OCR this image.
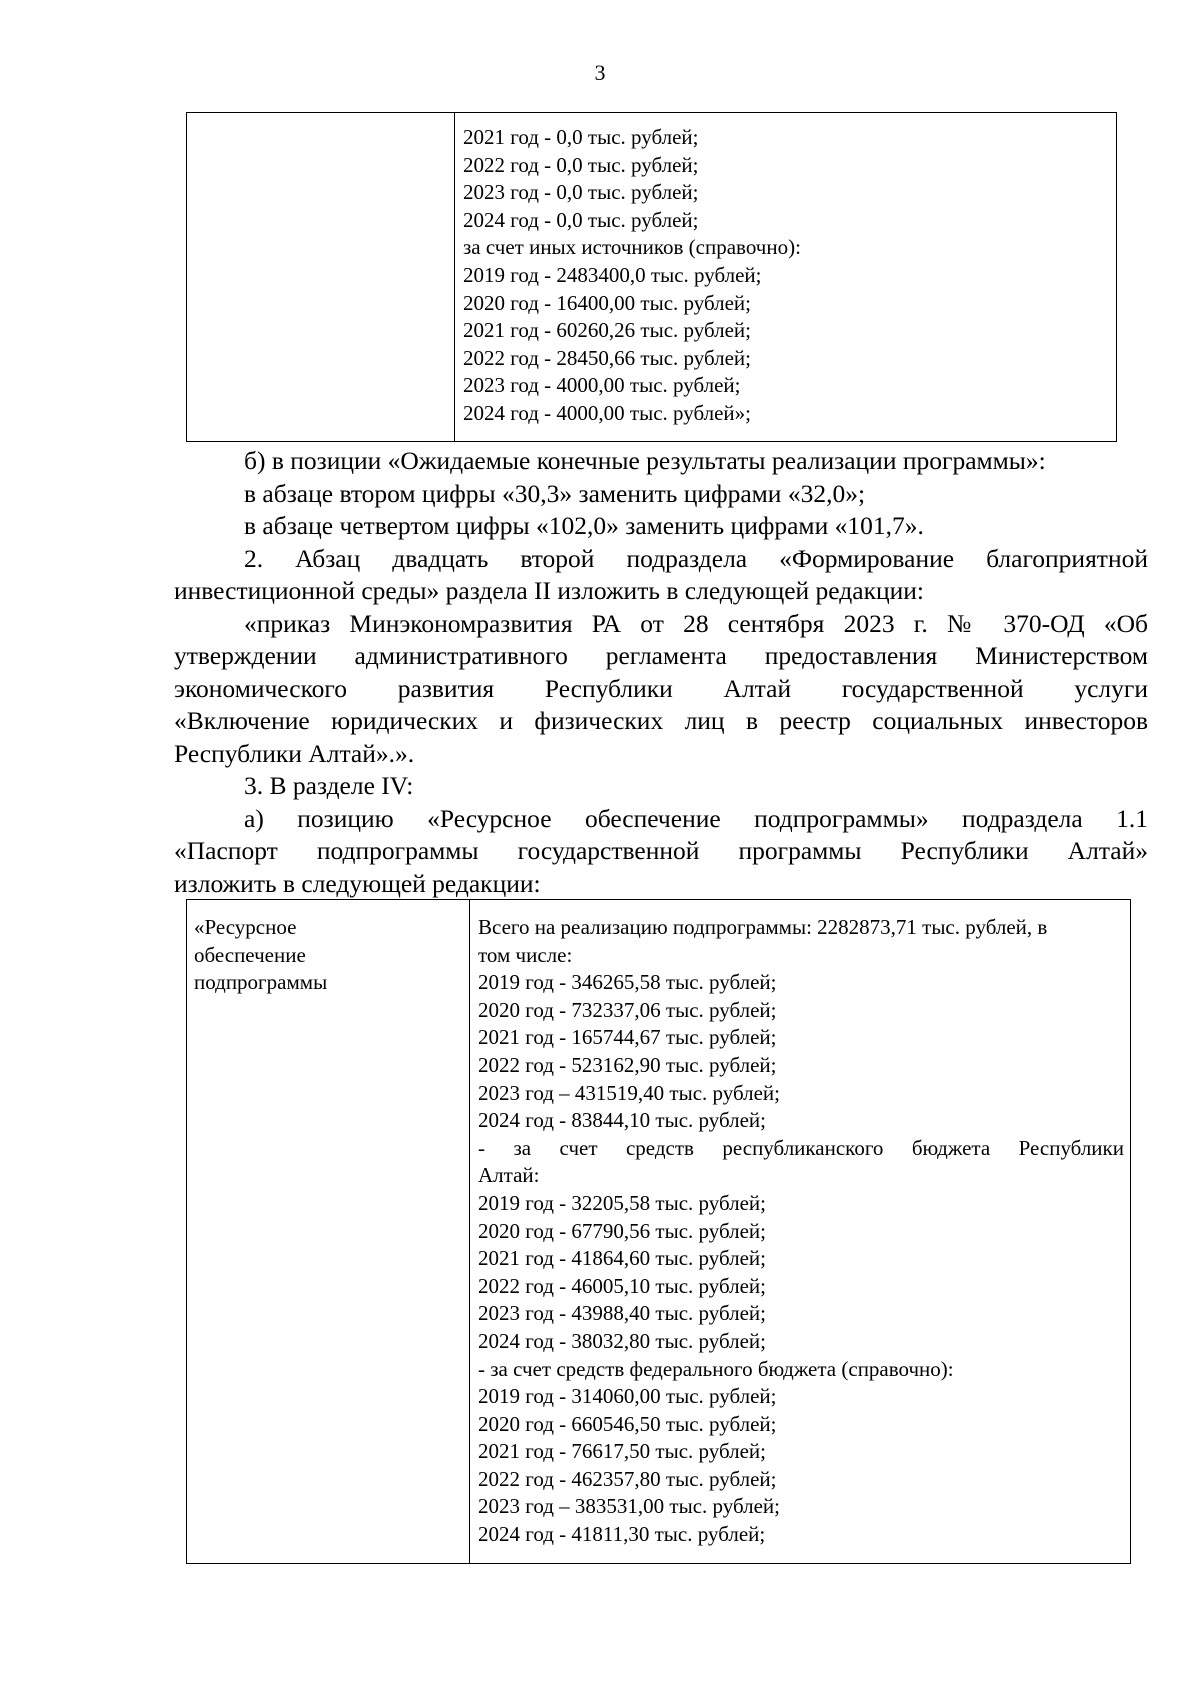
3

2021 год - 0,0 тыс. рублей;
2022 год - 0,0 тыс. рублей;
2023 год - 0,0 тыс. рублей;
2024 год - 0,0 тыс. рублей;
за счет иных источников (справочно):
2019 год - 2483400,0 тыс. рублей;
2020 год - 16400,00 тыс. рублей;
2021 год - 60260,26 тыс. рублей;
2022 год - 28450,66 тыс. рублей;
2023 год - 4000,00 тыс. рублей;
2024 год - 4000,00 тыс. рублей»;
б) в позиции «Ожидаемые конечные результаты реализации программы»:
в абзаце втором цифры «30,3» заменить цифрами «32,0»;
в абзаце четвертом цифры «102,0» заменить цифрами «101,7».
2. Абзац двадцать второй подраздела «Формирование благоприятной
инвестиционной среды» раздела II изложить в следующей редакции:
«приказ Минэкономразвития РА от 28 сентября 2023 г. № 370-ОД «Об
утверждении административного регламента предоставления Министерством
экономического развития Республики Алтай государственной услуги
«Включение юридических и физических лиц в реестр социальных инвесторов
Республики Алтай».».
3. В разделе IV:
а) позицию «Ресурсное обеспечение подпрограммы» подраздела 1.1
«Паспорт подпрограммы государственной программы Республики Алтай»
изложить в следующей редакции:
«Ресурсное
обеспечение
подпрограммы

Всего на реализацию подпрограммы: 2282873,71 тыс. рублей, в
том числе:
2019 год - 346265,58 тыс. рублей;
2020 год - 732337,06 тыс. рублей;
2021 год - 165744,67 тыс. рублей;
2022 год - 523162,90 тыс. рублей;
2023 год – 431519,40 тыс. рублей;
2024 год - 83844,10 тыс. рублей;
- за счет средств республиканского бюджета Республики
Алтай:
2019 год - 32205,58 тыс. рублей;
2020 год - 67790,56 тыс. рублей;
2021 год - 41864,60 тыс. рублей;
2022 год - 46005,10 тыс. рублей;
2023 год - 43988,40 тыс. рублей;
2024 год - 38032,80 тыс. рублей;
- за счет средств федерального бюджета (справочно):
2019 год - 314060,00 тыс. рублей;
2020 год - 660546,50 тыс. рублей;
2021 год - 76617,50 тыс. рублей;
2022 год - 462357,80 тыс. рублей;
2023 год – 383531,00 тыс. рублей;
2024 год - 41811,30 тыс. рублей;
